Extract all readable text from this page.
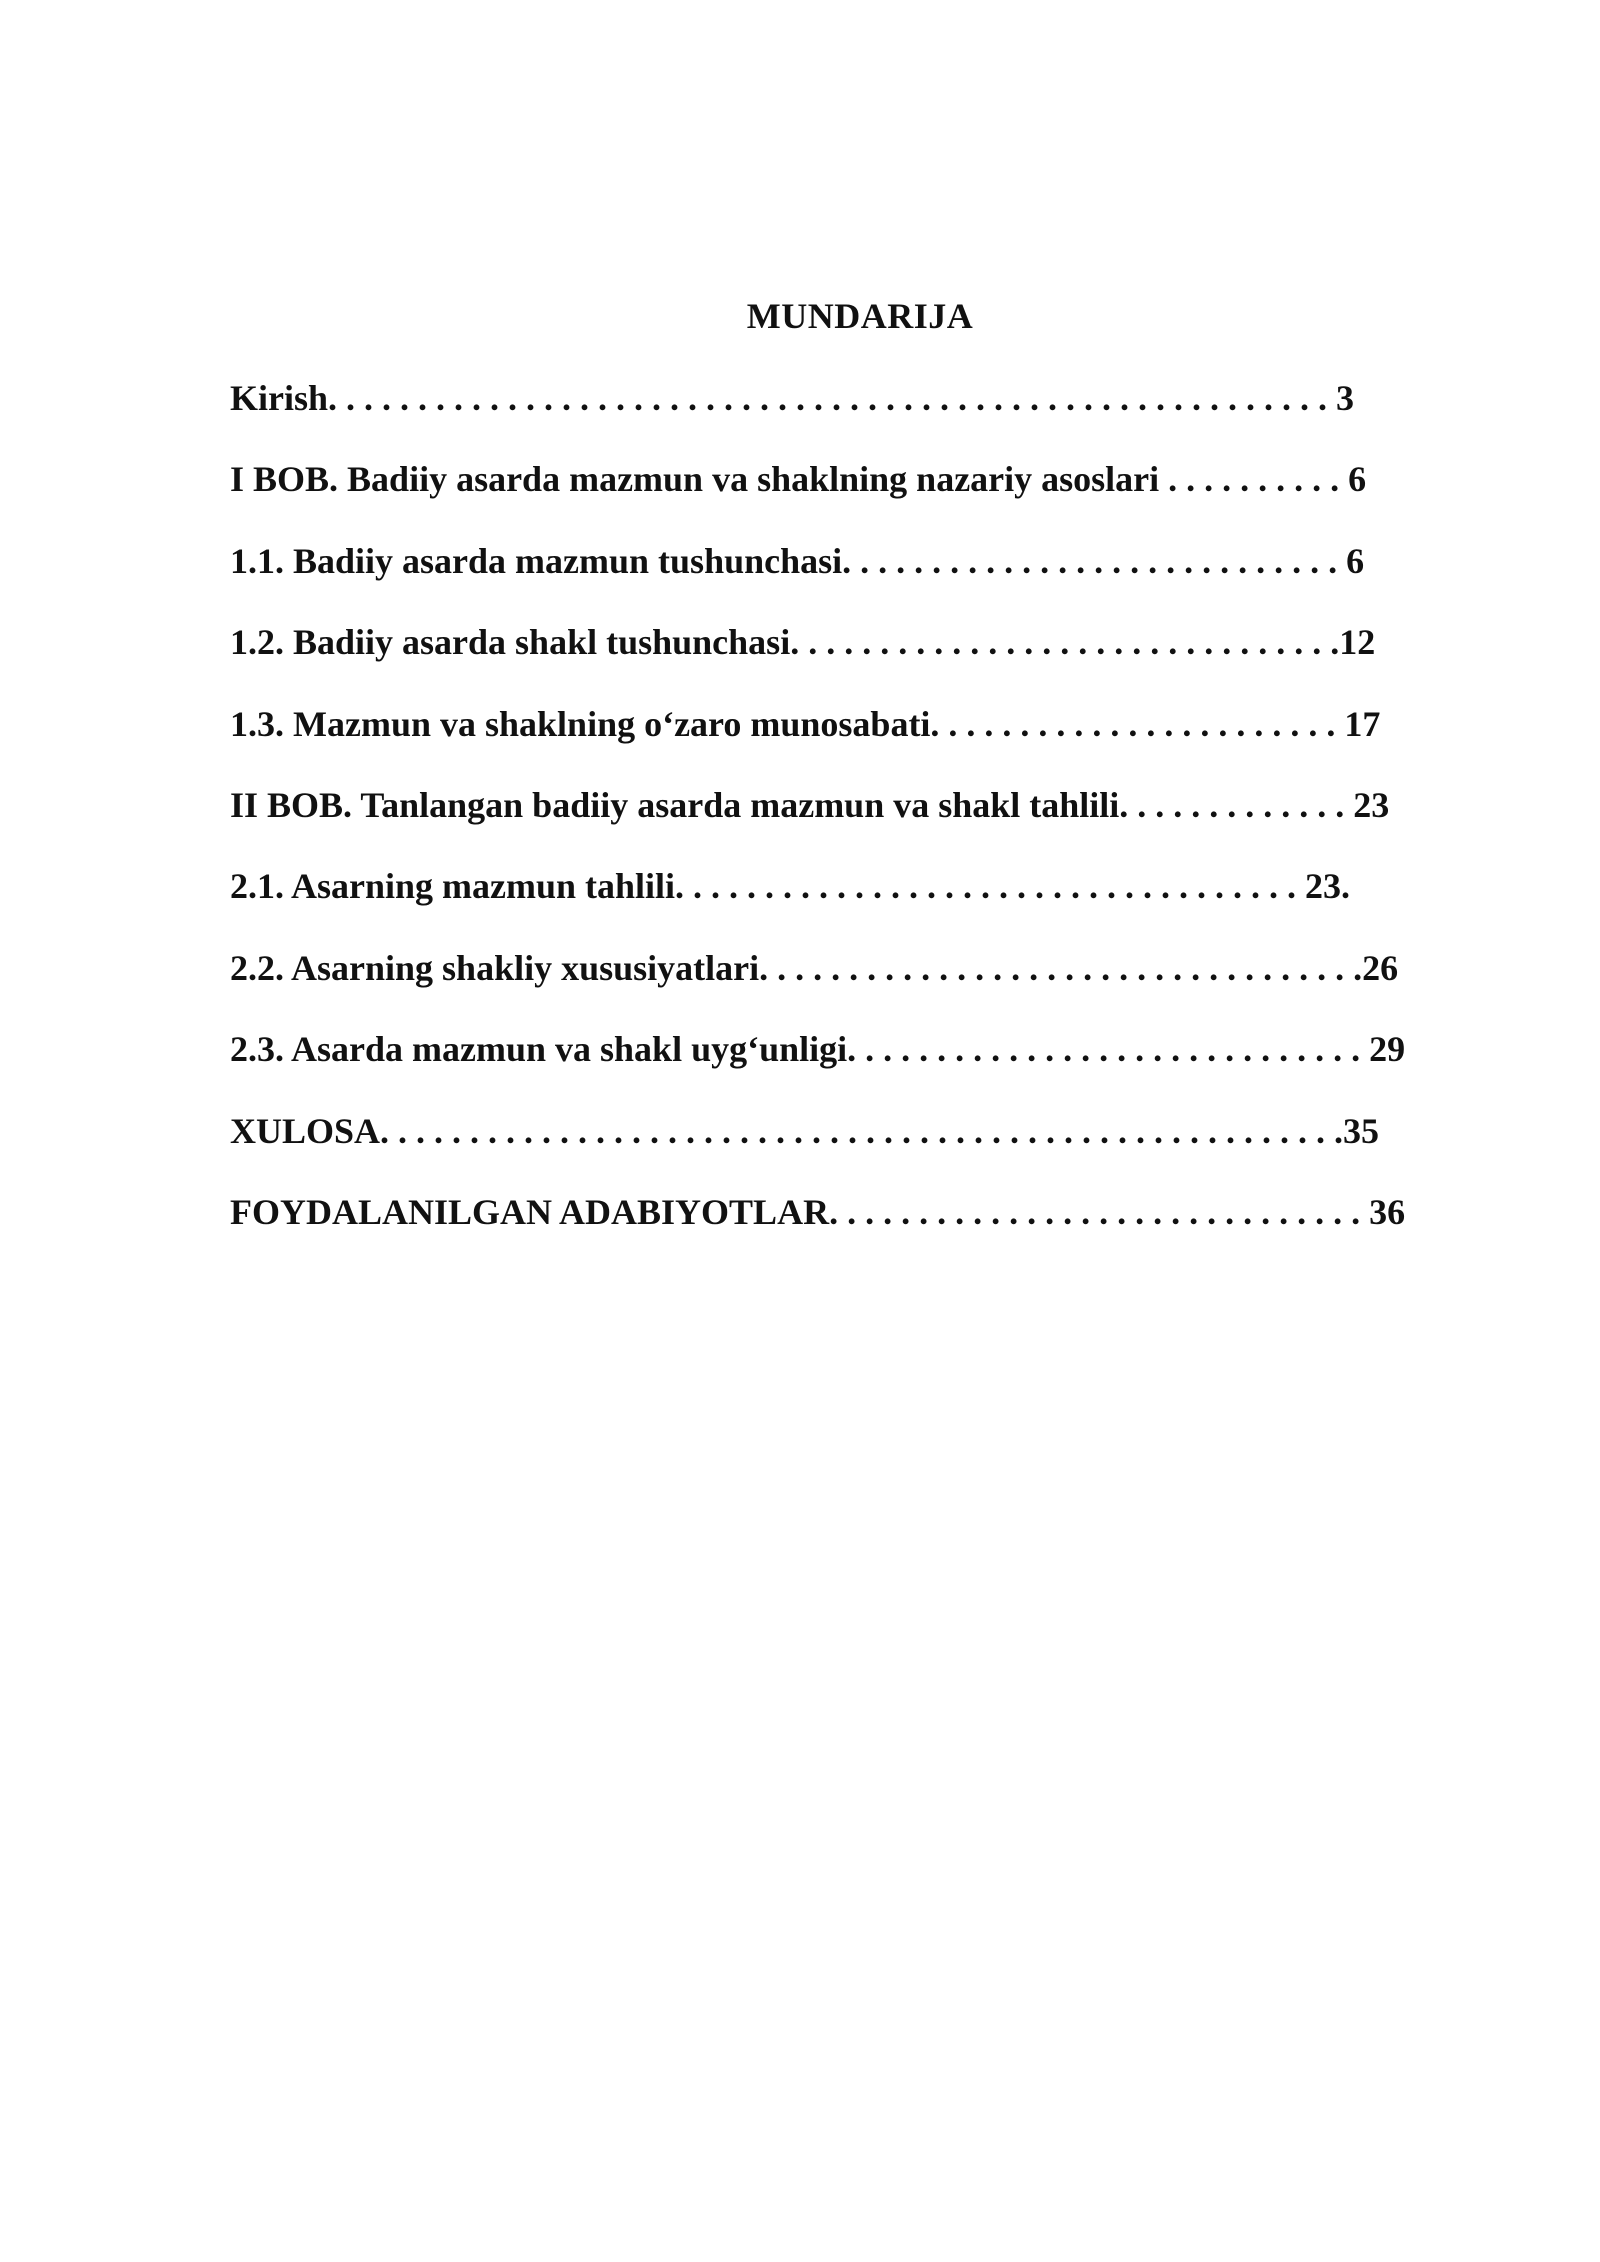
MUNDARIJA
Kirish. . . . . . . . . . . . . . . . . . . . . . . . . . . . . . . . . . . . . . . . . . . . . . . . . . . . . . . . 3
I BOB. Badiiy asarda mazmun va shaklning nazariy asoslari . . . . . . . . . . 6
1.1. Badiiy asarda mazmun tushunchasi. . . . . . . . . . . . . . . . . . . . . . . . . . . . 6
1.2. Badiiy asarda shakl tushunchasi. . . . . . . . . . . . . . . . . . . . . . . . . . . . . . .12
1.3. Mazmun va shaklning o‘zaro munosabati. . . . . . . . . . . . . . . . . . . . . . . 17
II BOB. Tanlangan badiiy asarda mazmun va shakl tahlili. . . . . . . . . . . . . 23
2.1. Asarning mazmun tahlili. . . . . . . . . . . . . . . . . . . . . . . . . . . . . . . . . . . 23.
2.2. Asarning shakliy xususiyatlari. . . . . . . . . . . . . . . . . . . . . . . . . . . . . . . . . .26
2.3. Asarda mazmun va shakl uyg‘unligi. . . . . . . . . . . . . . . . . . . . . . . . . . . . . 29
XULOSA. . . . . . . . . . . . . . . . . . . . . . . . . . . . . . . . . . . . . . . . . . . . . . . . . . . . . .35
FOYDALANILGAN ADABIYOTLAR. . . . . . . . . . . . . . . . . . . . . . . . . . . . . . 36
